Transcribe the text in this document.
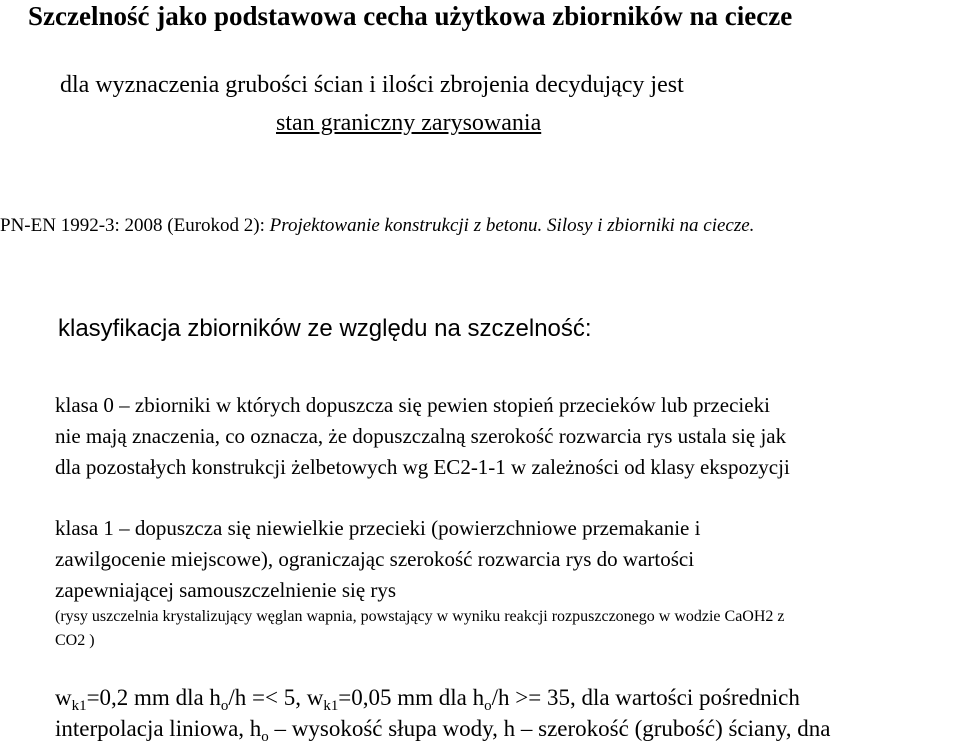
Szczelność jako podstawowa cecha użytkowa zbiorników na ciecze
dla wyznaczenia grubości ścian i ilości zbrojenia decydujący jest
stan graniczny zarysowania
PN-EN 1992-3: 2008 (Eurokod 2): Projektowanie konstrukcji z betonu. Silosy i zbiorniki na ciecze.
klasyfikacja zbiorników ze względu na szczelność:
klasa 0 – zbiorniki w których dopuszcza się pewien stopień przecieków lub przecieki
nie mają znaczenia, co oznacza, że dopuszczalną szerokość rozwarcia rys ustala się jak
dla pozostałych konstrukcji żelbetowych wg EC2-1-1 w zależności od klasy ekspozycji
klasa 1 – dopuszcza się niewielkie przecieki (powierzchniowe przemakanie i
zawilgocenie miejscowe), ograniczając szerokość rozwarcia rys do wartości
zapewniającej samouszczelnienie się rys
(rysy uszczelnia krystalizujący węglan wapnia, powstający w wyniku reakcji rozpuszczonego w wodzie CaOH2 z
CO2 )
$w_{k1}=0,2$ mm dla $h_o/h =< 5$, $w_{k1}=0,05$ mm dla $h_o/h >= 35$, dla wartości pośrednich
interpolacja liniowa, $h_o$ – wysokość słupa wody, h – szerokość (grubość) ściany, dna
